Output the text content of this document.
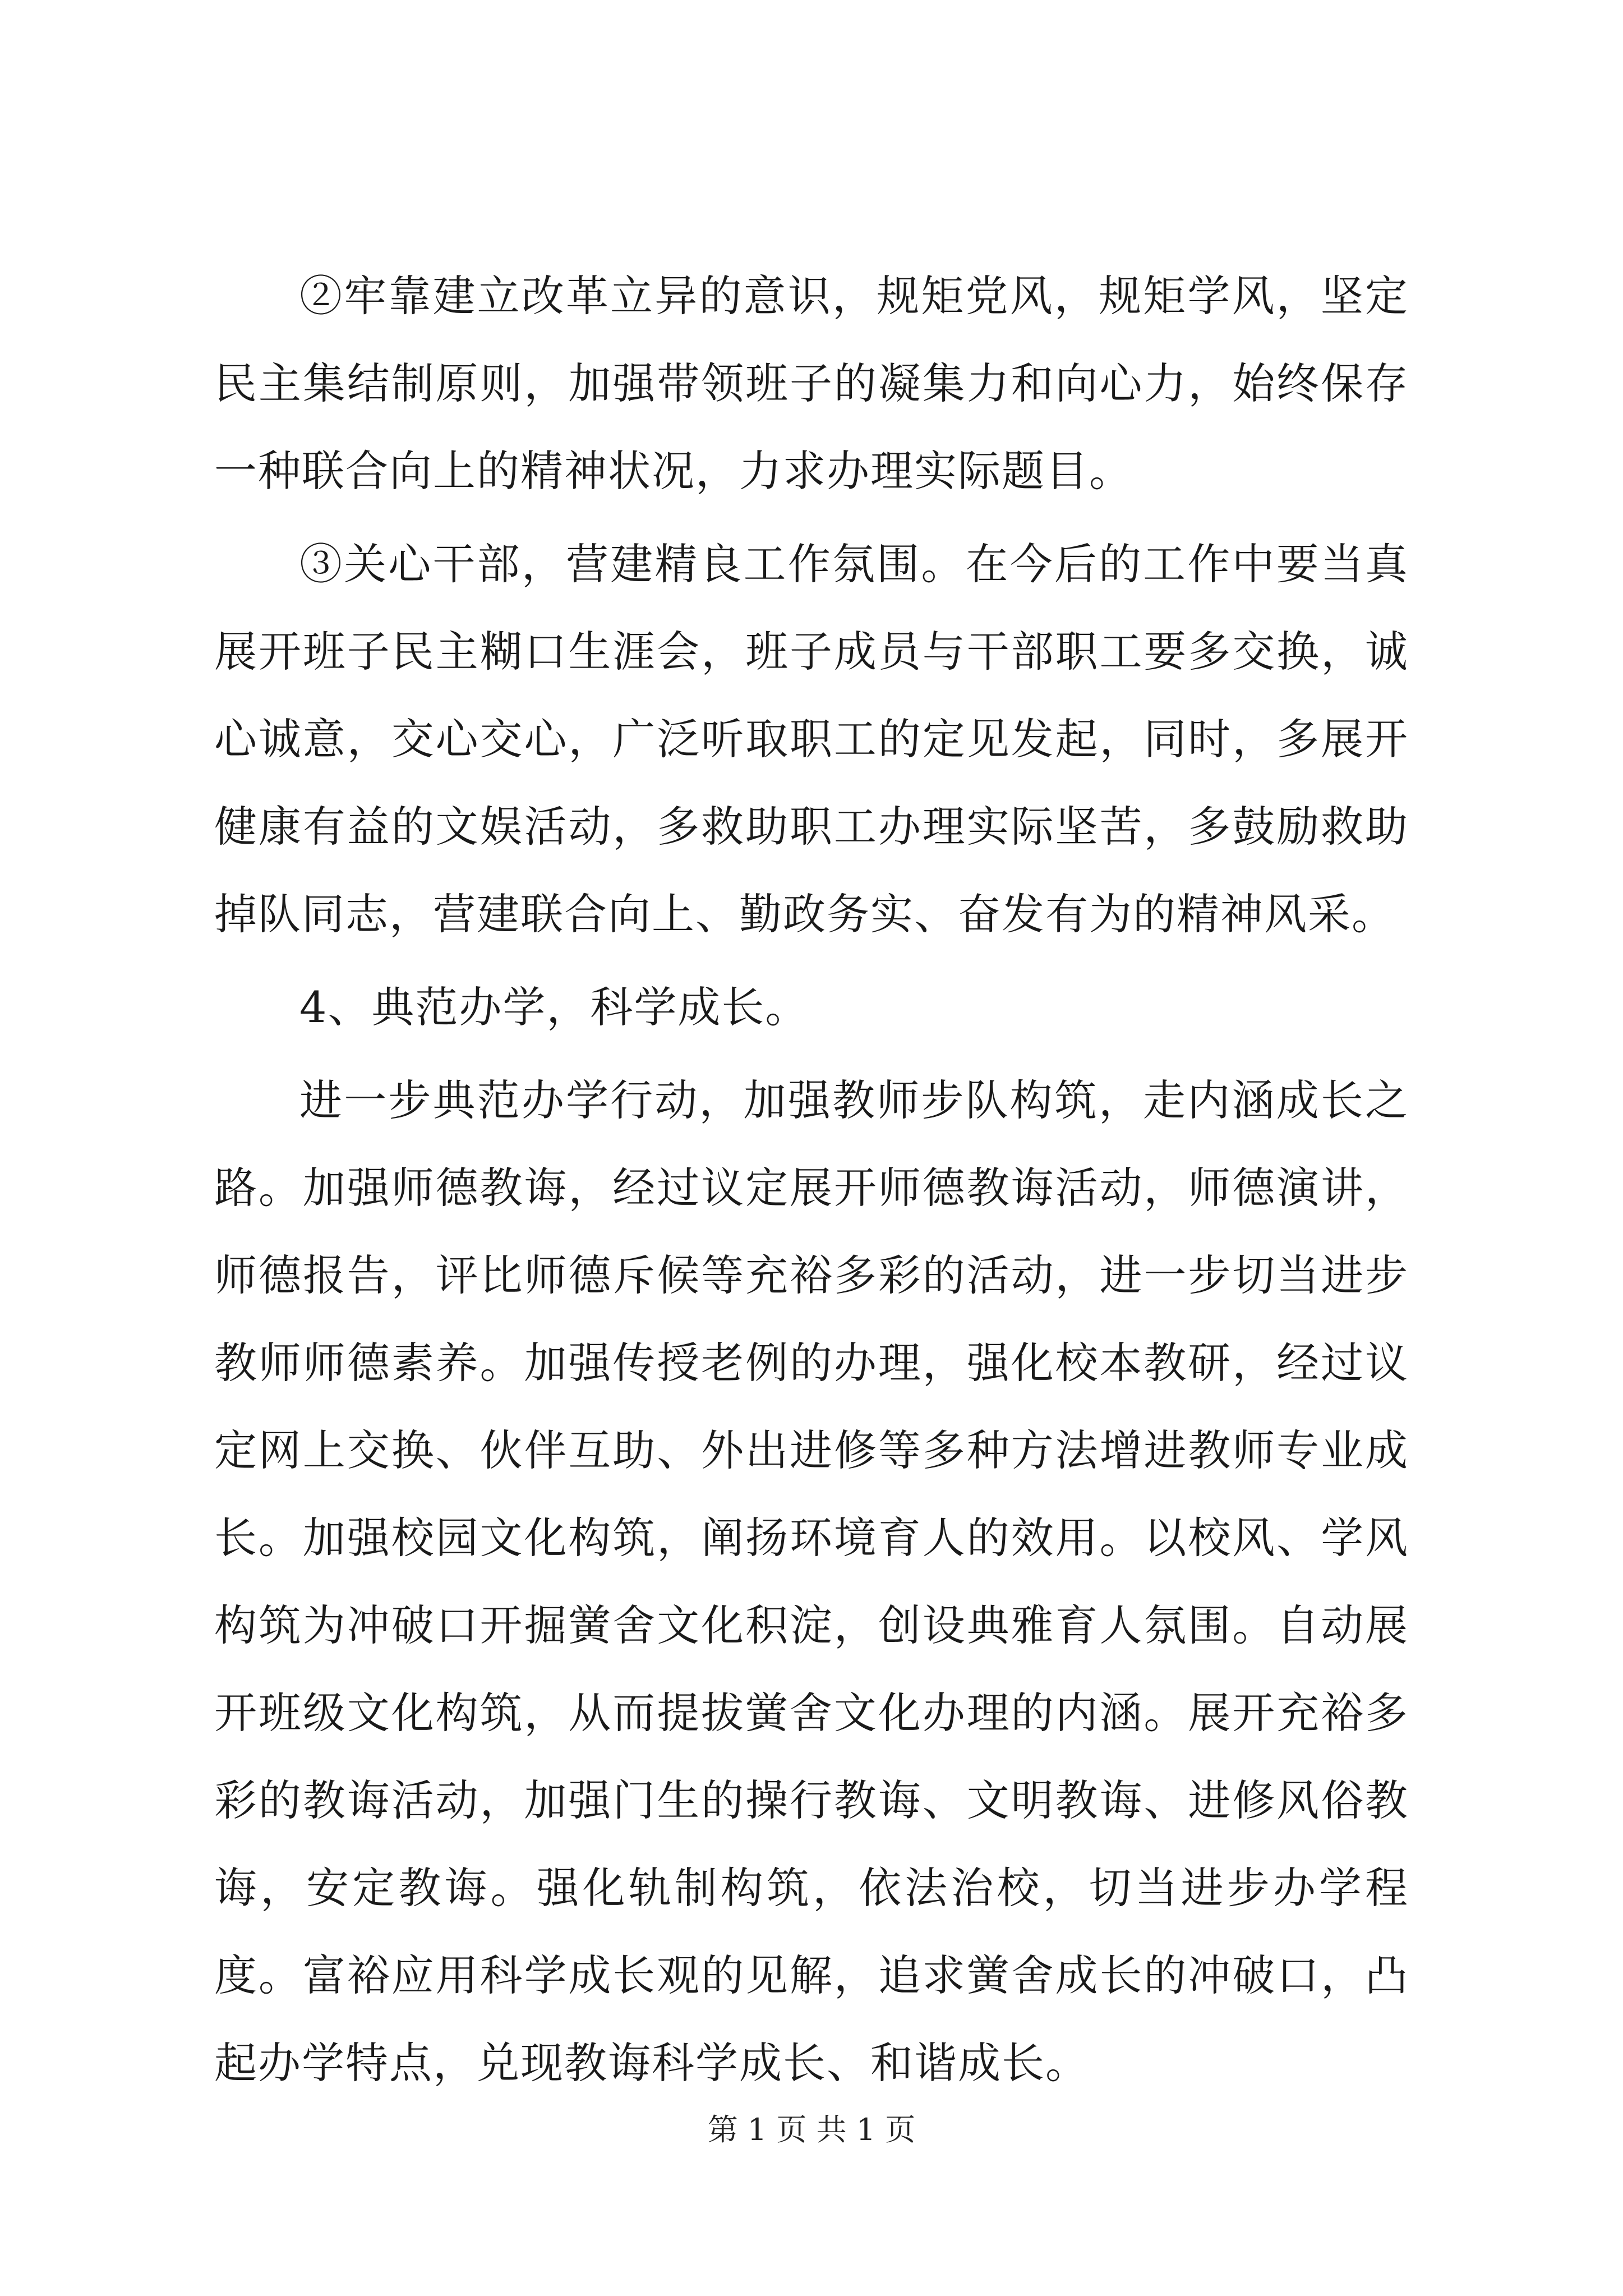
②牢靠建立改革立异的意识，规矩党风，规矩学风，坚定民主集结制原则，加强带领班子的凝集力和向心力，始终保存一种联合向上的精神状况，力求办理实际题目。

③关心干部，营建精良工作氛围。在今后的工作中要当真展开班子民主糊口生涯会，班子成员与干部职工要多交换，诚心诚意，交心交心，广泛听取职工的定见发起，同时，多展开健康有益的文娱活动，多救助职工办理实际坚苦，多鼓励救助掉队同志，营建联合向上、勤政务实、奋发有为的精神风采。

4、典范办学，科学成长。

进一步典范办学行动，加强教师步队构筑，走内涵成长之路。加强师德教诲，经过议定展开师德教诲活动，师德演讲，师德报告，评比师德斥候等充裕多彩的活动，进一步切当进步教师师德素养。加强传授老例的办理，强化校本教研，经过议定网上交换、伙伴互助、外出进修等多种方法增进教师专业成长。加强校园文化构筑，阐扬环境育人的效用。以校风、学风构筑为冲破口开掘黉舍文化积淀，创设典雅育人氛围。自动展开班级文化构筑，从而提拔黉舍文化办理的内涵。展开充裕多彩的教诲活动，加强门生的操行教诲、文明教诲、进修风俗教诲，安定教诲。强化轨制构筑，依法治校，切当进步办学程度。富裕应用科学成长观的见解，追求黉舍成长的冲破口，凸起办学特点，兑现教诲科学成长、和谐成长。

第 1 页 共 1 页
